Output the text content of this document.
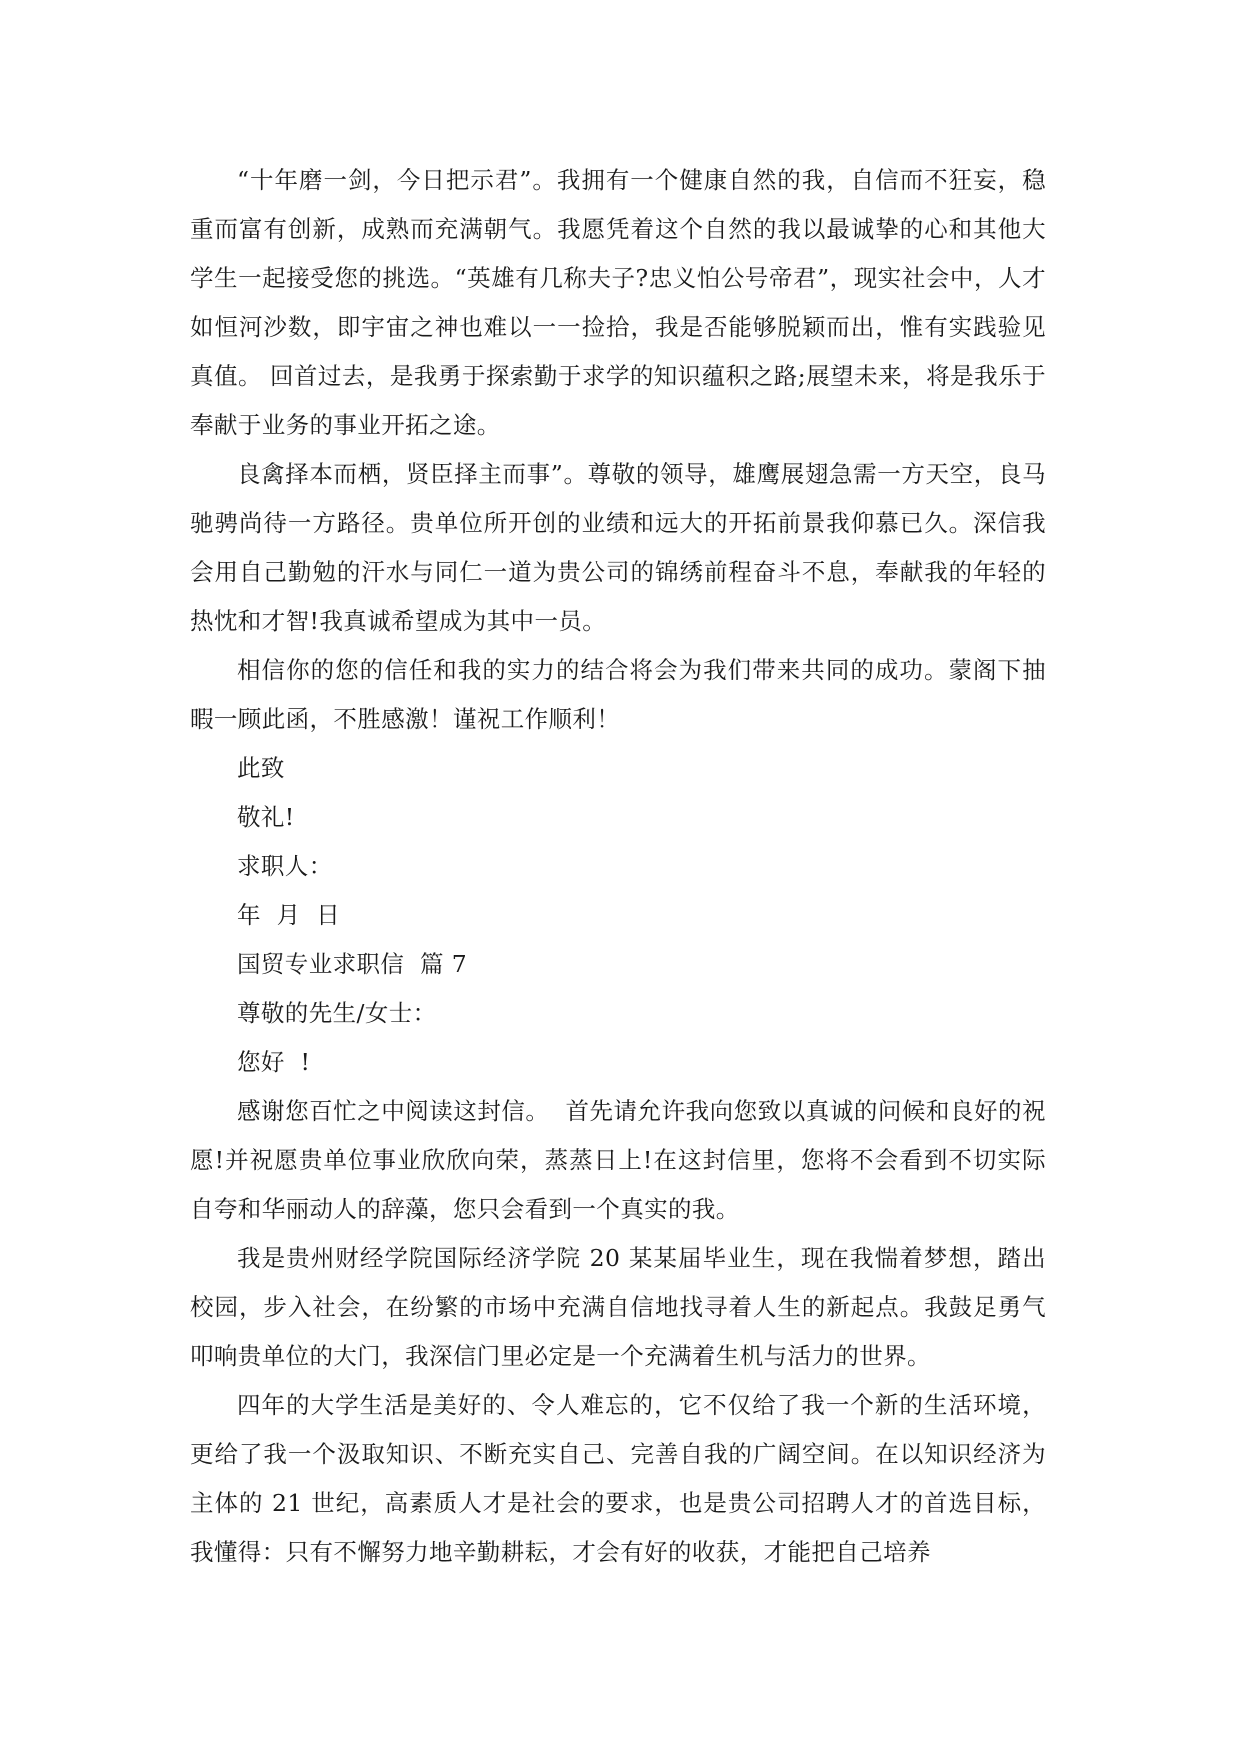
“十年磨一剑，今日把示君”。我拥有一个健康自然的我，自信而不狂妄，稳重而富有创新，成熟而充满朝气。我愿凭着这个自然的我以最诚挚的心和其他大学生一起接受您的挑选。“英雄有几称夫子?忠义怕公号帝君”，现实社会中，人才如恒河沙数，即宇宙之神也难以一一捡拾，我是否能够脱颖而出，惟有实践验见真值。 回首过去，是我勇于探索勤于求学的知识蕴积之路;展望未来，将是我乐于奉献于业务的事业开拓之途。

良禽择本而栖，贤臣择主而事”。尊敬的领导，雄鹰展翅急需一方天空，良马驰骋尚待一方路径。贵单位所开创的业绩和远大的开拓前景我仰慕已久。深信我会用自己勤勉的汗水与同仁一道为贵公司的锦绣前程奋斗不息，奉献我的年轻的热忱和才智!我真诚希望成为其中一员。

相信你的您的信任和我的实力的结合将会为我们带来共同的成功。蒙阁下抽暇一顾此函，不胜感激！谨祝工作顺利！

此致

敬礼!

求职人：

年  月  日

国贸专业求职信  篇 7

尊敬的先生/女士：

您好  !

感谢您百忙之中阅读这封信。  首先请允许我向您致以真诚的问候和良好的祝愿!并祝愿贵单位事业欣欣向荣，蒸蒸日上!在这封信里，您将不会看到不切实际自夸和华丽动人的辞藻，您只会看到一个真实的我。

我是贵州财经学院国际经济学院 20 某某届毕业生，现在我惴着梦想，踏出校园，步入社会，在纷繁的市场中充满自信地找寻着人生的新起点。我鼓足勇气叩响贵单位的大门，我深信门里必定是一个充满着生机与活力的世界。

四年的大学生活是美好的、令人难忘的，它不仅给了我一个新的生活环境，更给了我一个汲取知识、不断充实自己、完善自我的广阔空间。在以知识经济为主体的 21 世纪，高素质人才是社会的要求，也是贵公司招聘人才的首选目标，我懂得：只有不懈努力地辛勤耕耘，才会有好的收获，才能把自己培养
